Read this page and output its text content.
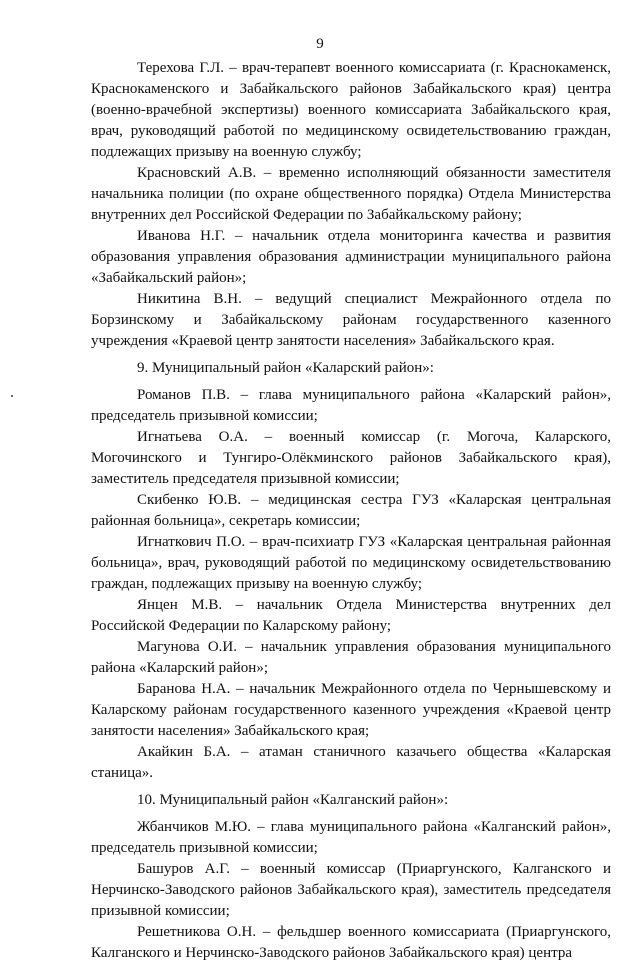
9

Терехова Г.Л. – врач-терапевт военного комиссариата (г. Краснокаменск, Краснокаменского и Забайкальского районов Забайкальского края) центра (военно-врачебной экспертизы) военного комиссариата Забайкальского края, врач, руководящий работой по медицинскому освидетельствованию граждан, подлежащих призыву на военную службу;

Красновский А.В. – временно исполняющий обязанности заместителя начальника полиции (по охране общественного порядка) Отдела Министерства внутренних дел Российской Федерации по Забайкальскому району;

Иванова Н.Г. – начальник отдела мониторинга качества и развития образования управления образования администрации муниципального района «Забайкальский район»;

Никитина В.Н. – ведущий специалист Межрайонного отдела по Борзинскому и Забайкальскому районам государственного казенного учреждения «Краевой центр занятости населения» Забайкальского края.

9. Муниципальный район «Каларский район»:

Романов П.В. – глава муниципального района «Каларский район», председатель призывной комиссии;

Игнатьева О.А. – военный комиссар (г. Могоча, Каларского, Могочинского и Тунгиро-Олёкминского районов Забайкальского края), заместитель председателя призывной комиссии;

Скибенко Ю.В. – медицинская сестра ГУЗ «Каларская центральная районная больница», секретарь комиссии;

Игнаткович П.О. – врач-психиатр ГУЗ «Каларская центральная районная больница», врач, руководящий работой по медицинскому освидетельствованию граждан, подлежащих призыву на военную службу;

Янцен М.В. – начальник Отдела Министерства внутренних дел Российской Федерации по Каларскому району;

Магунова О.И. – начальник управления образования муниципального района «Каларский район»;

Баранова Н.А. – начальник Межрайонного отдела по Чернышевскому и Каларскому районам государственного казенного учреждения «Краевой центр занятости населения» Забайкальского края;

Акайкин Б.А. – атаман станичного казачьего общества «Каларская станица».

10. Муниципальный район «Калганский район»:

Жбанчиков М.Ю. – глава муниципального района «Калганский район», председатель призывной комиссии;

Башуров А.Г. – военный комиссар (Приаргунского, Калганского и Нерчинско-Заводского районов Забайкальского края), заместитель председателя призывной комиссии;

Решетникова О.Н. – фельдшер военного комиссариата (Приаргунского, Калганского и Нерчинско-Заводского районов Забайкальского края) центра
